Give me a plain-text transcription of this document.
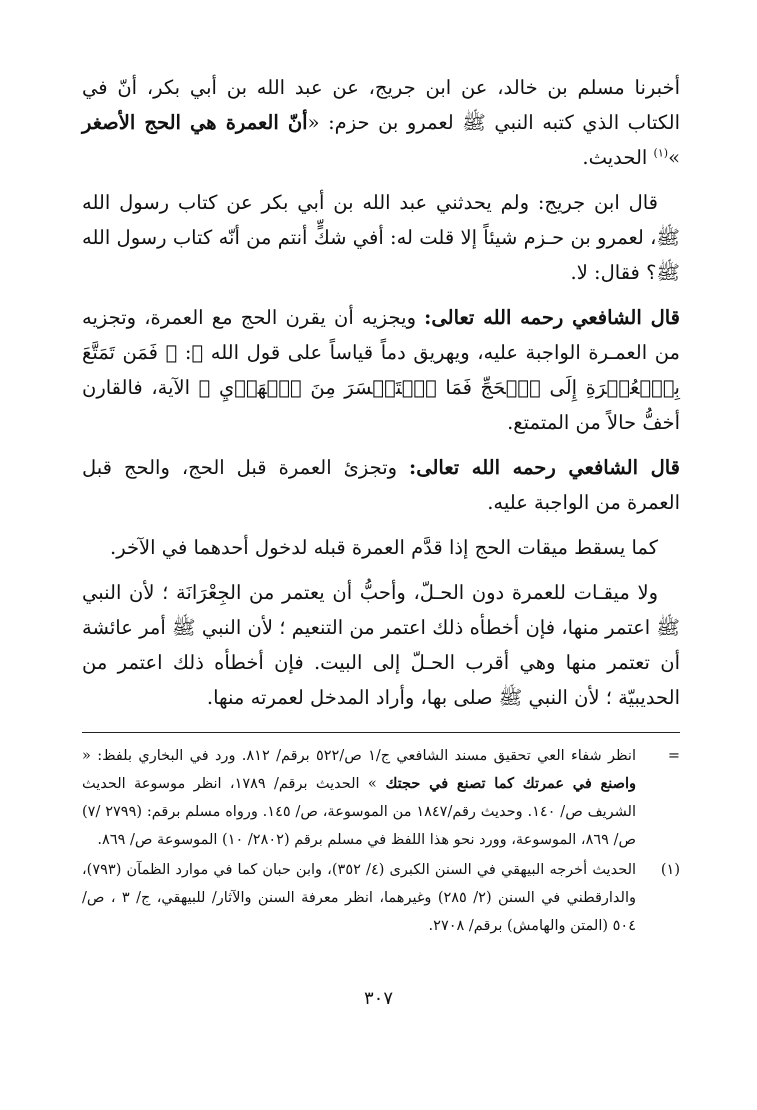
أخبرنا مسلم بن خالد، عن ابن جريج، عن عبد الله بن أبي بكر، أنّ في الكتاب الذي كتبه النبي ﷺ لعمرو بن حزم: «أنّ العمرة هي الحج الأصغر »$^{(١)}$ الحديث.

قال ابن جريج: ولم يحدثني عبد الله بن أبي بكر عن كتاب رسول الله ﷺ، لعمرو بن حـزم شيئاً إلا قلت له: أفي شكٍّ أنتم من أنّه كتاب رسول الله ﷺ؟ فقال: لا.

قال الشافعي رحمه الله تعالى: ويجزيه أن يقرن الحج مع العمرة، وتجزيه من العمـرة الواجبة عليه، ويهريق دماً قياساً على قول الله ﷻ: ﴿ فَمَن تَمَتَّعَ بِٱلۡعُمۡرَةِ إِلَى ٱلۡحَجِّ فَمَا ٱسۡتَيۡسَرَ مِنَ ٱلۡهَدۡيِ ﴾ الآية، فالقارن أخفُّ حالاً من المتمتع.

قال الشافعي رحمه الله تعالى: وتجزئ العمرة قبل الحج، والحج قبل العمرة من الواجبة عليه.

كما يسقط ميقات الحج إذا قدَّم العمرة قبله لدخول أحدهما في الآخر.

ولا ميقـات للعمرة دون الحـلّ، وأحبُّ أن يعتمر من الجِعْرَانَة ؛ لأن النبي ﷺ اعتمر منها، فإن أخطأه ذلك اعتمر من التنعيم ؛ لأن النبي ﷺ أمر عائشة أن تعتمر منها وهي أقرب الحـلّ إلى البيت. فإن أخطأه ذلك اعتمر من الحديبيّة ؛ لأن النبي ﷺ صلى بها، وأراد المدخل لعمرته منها.

=
انظر شفاء العي تحقيق مسند الشافعي ج/١ ص/٥٢٢ برقم/ ٨١٢. ورد في البخاري بلفظ: « واصنع في عمرتك كما تصنع في حجتك » الحديث برقم/ ١٧٨٩، انظر موسوعة الحديث الشريف ص/ ١٤٠. وحديث رقم/١٨٤٧ من الموسوعة، ص/ ١٤٥. ورواه مسلم برقم: (٢٧٩٩ /٧) ص/ ٨٦٩، الموسوعة، وورد نحو هذا اللفظ في مسلم برقم (٢٨٠٢/ ١٠) الموسوعة ص/ ٨٦٩.
(١)
الحديث أخرجه البيهقي في السنن الكبرى (٤/ ٣٥٢)، وابن حبان كما في موارد الظمآن (٧٩٣)، والدارقطني في السنن (٢/ ٢٨٥) وغيرهما، انظر معرفة السنن والآثار/ للبيهقي، ج/ ٣ ، ص/ ٥٠٤ (المتن والهامش) برقم/ ٢٧٠٨.
٣٠٧
